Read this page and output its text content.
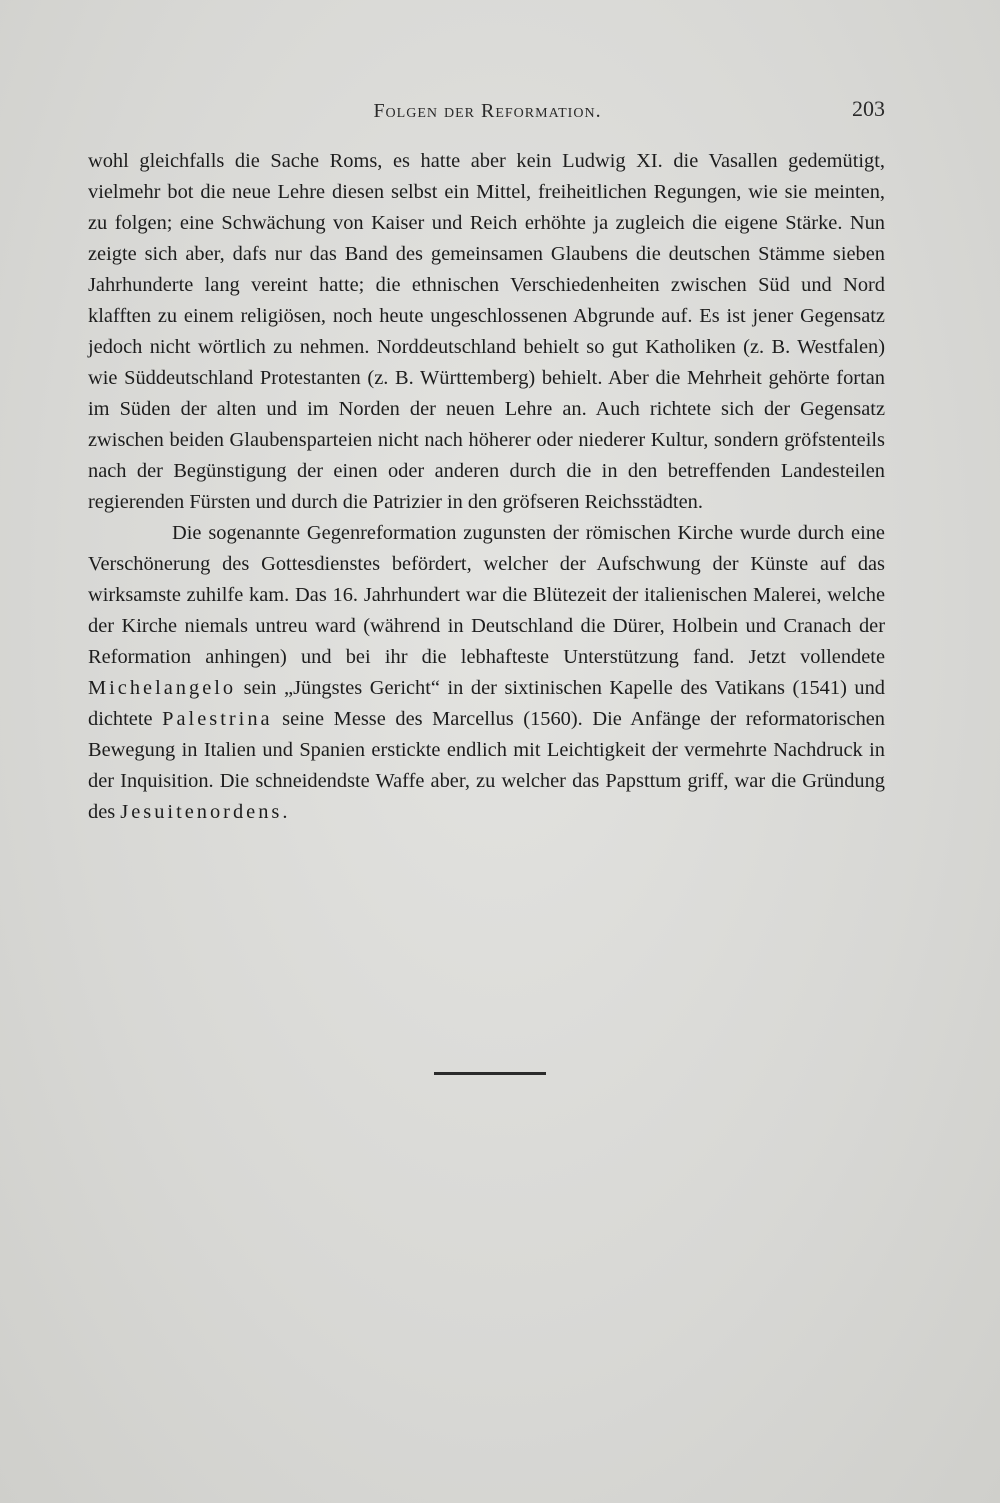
Folgen der Reformation.	203

wohl gleichfalls die Sache Roms, es hatte aber kein Ludwig XI. die Vasallen gedemütigt, vielmehr bot die neue Lehre diesen selbst ein Mittel, freiheitlichen Regungen, wie sie meinten, zu folgen; eine Schwächung von Kaiser und Reich erhöhte ja zugleich die eigene Stärke. Nun zeigte sich aber, dafs nur das Band des gemeinsamen Glaubens die deutschen Stämme sieben Jahrhunderte lang vereint hatte; die ethnischen Verschiedenheiten zwischen Süd und Nord klafften zu einem religiösen, noch heute ungeschlossenen Abgrunde auf. Es ist jener Gegensatz jedoch nicht wörtlich zu nehmen. Norddeutschland behielt so gut Katholiken (z. B. Westfalen) wie Süddeutschland Protestanten (z. B. Württemberg) behielt. Aber die Mehrheit gehörte fortan im Süden der alten und im Norden der neuen Lehre an. Auch richtete sich der Gegensatz zwischen beiden Glaubensparteien nicht nach höherer oder niederer Kultur, sondern gröfstenteils nach der Begünstigung der einen oder anderen durch die in den betreffenden Landesteilen regierenden Fürsten und durch die Patrizier in den gröfseren Reichsstädten.

Die sogenannte Gegenreformation zugunsten der römischen Kirche wurde durch eine Verschönerung des Gottesdienstes befördert, welcher der Aufschwung der Künste auf das wirksamste zuhilfe kam. Das 16. Jahrhundert war die Blütezeit der italienischen Malerei, welche der Kirche niemals untreu ward (während in Deutschland die Dürer, Holbein und Cranach der Reformation anhingen) und bei ihr die lebhafteste Unterstützung fand. Jetzt vollendete Michelangelo sein „Jüngstes Gericht“ in der sixtinischen Kapelle des Vatikans (1541) und dichtete Palestrina seine Messe des Marcellus (1560). Die Anfänge der reformatorischen Bewegung in Italien und Spanien erstickte endlich mit Leichtigkeit der vermehrte Nachdruck in der Inquisition. Die schneidendste Waffe aber, zu welcher das Papsttum griff, war die Gründung des Jesuitenordens.
